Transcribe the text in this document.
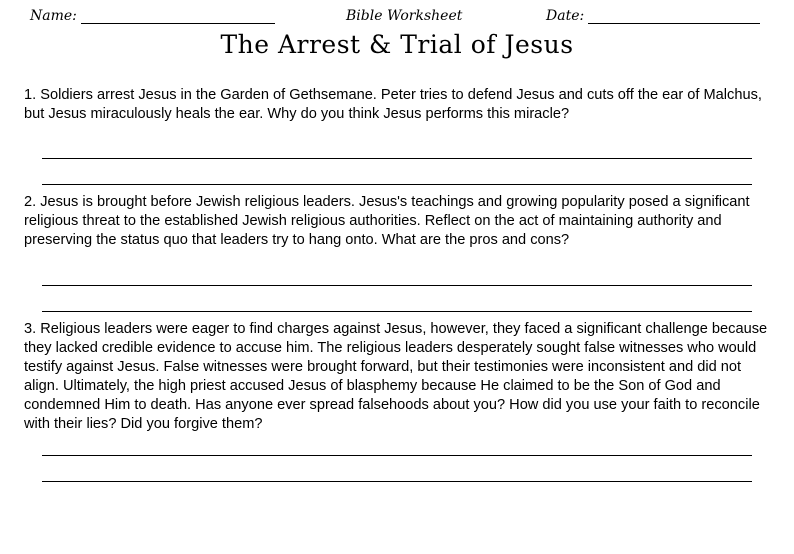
Name:	Bible Worksheet	Date:
The Arrest & Trial of Jesus

1. Soldiers arrest Jesus in the Garden of Gethsemane. Peter tries to defend Jesus and cuts off the ear of Malchus, but Jesus miraculously heals the ear. Why do you think Jesus performs this miracle?

2. Jesus is brought before Jewish religious leaders. Jesus's teachings and growing popularity posed a significant religious threat to the established Jewish religious authorities. Reflect on the act of maintaining authority and preserving the status quo that leaders try to hang onto. What are the pros and cons?

3. Religious leaders were eager to find charges against Jesus, however, they faced a significant challenge because they lacked credible evidence to accuse him. The religious leaders desperately sought false witnesses who would testify against Jesus. False witnesses were brought forward, but their testimonies were inconsistent and did not align. Ultimately, the high priest accused Jesus of blasphemy because He claimed to be the Son of God and condemned Him to death. Has anyone ever spread falsehoods about you? How did you use your faith to reconcile with their lies? Did you forgive them?
